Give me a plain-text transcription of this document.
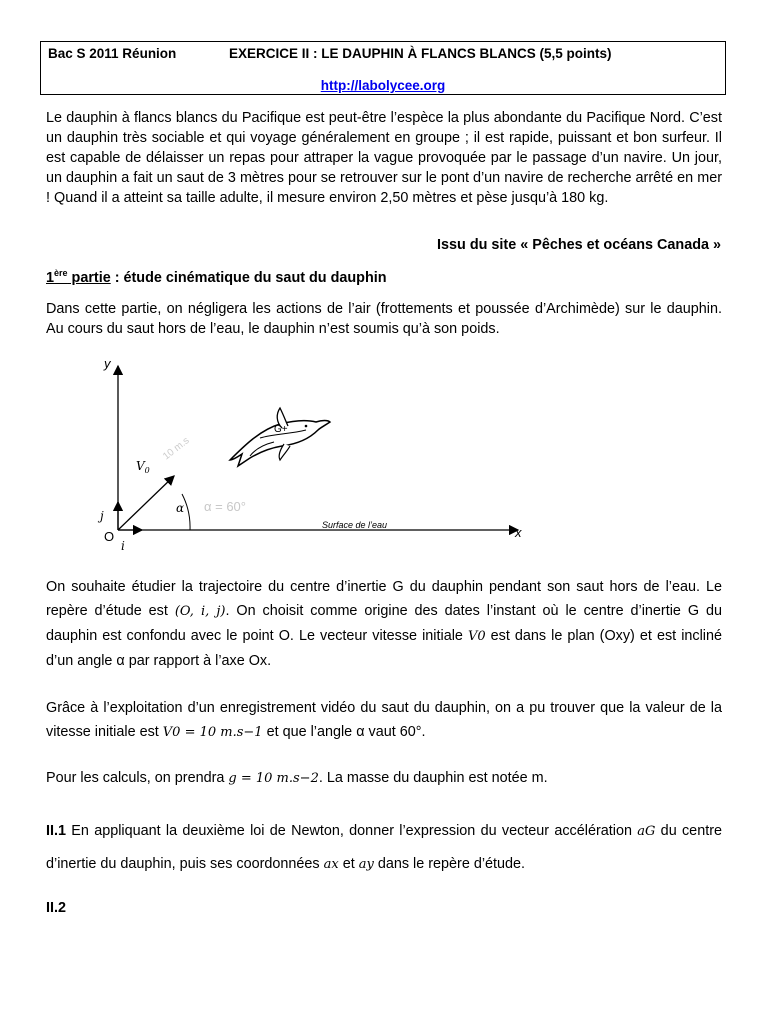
Bac S 2011 Réunion	EXERCICE II : LE DAUPHIN À FLANCS BLANCS (5,5 points)
http://labolycee.org

Le dauphin à flancs blancs du Pacifique est peut-être l’espèce la plus abondante du Pacifique Nord. C’est un dauphin très sociable et qui voyage généralement en groupe ; il est rapide, puissant et bon surfeur. Il est capable de délaisser un repas pour attraper la vague provoquée par le passage d’un navire. Un jour, un dauphin a fait un saut de 3 mètres pour se retrouver sur le pont d’un navire de recherche arrêté en mer ! Quand il a atteint sa taille adulte, il mesure environ 2,50 mètres et pèse jusqu’à 180 kg.

Issu du site « Pêches et océans Canada »
1ère partie : étude cinématique du saut du dauphin

Dans cette partie, on négligera les actions de l’air (frottements et poussée d’Archimède) sur le dauphin. Au cours du saut hors de l’eau, le dauphin n’est soumis qu’à son poids.

y
x
O
i
j
$V_0$
α α = 60°
10 m.s
Surface de l’eau
G+
On souhaite étudier la trajectoire du centre d’inertie G du dauphin pendant son saut hors de l’eau. Le repère d’étude est (O, i, j). On choisit comme origine des dates l’instant où le centre d’inertie G du dauphin est confondu avec le point O. Le vecteur vitesse initiale V0 est dans le plan (Oxy) et est incliné d’un angle α par rapport à l’axe Ox.
Grâce à l’exploitation d’un enregistrement vidéo du saut du dauphin, on a pu trouver que la valeur de la vitesse initiale est V0 = 10 m.s−1 et que l’angle α vaut 60°.
Pour les calculs, on prendra g = 10 m.s−2. La masse du dauphin est notée m.
II.1 En appliquant la deuxième loi de Newton, donner l’expression du vecteur accélération aG du centre d’inertie du dauphin, puis ses coordonnées ax et ay dans le repère d’étude.
II.2
